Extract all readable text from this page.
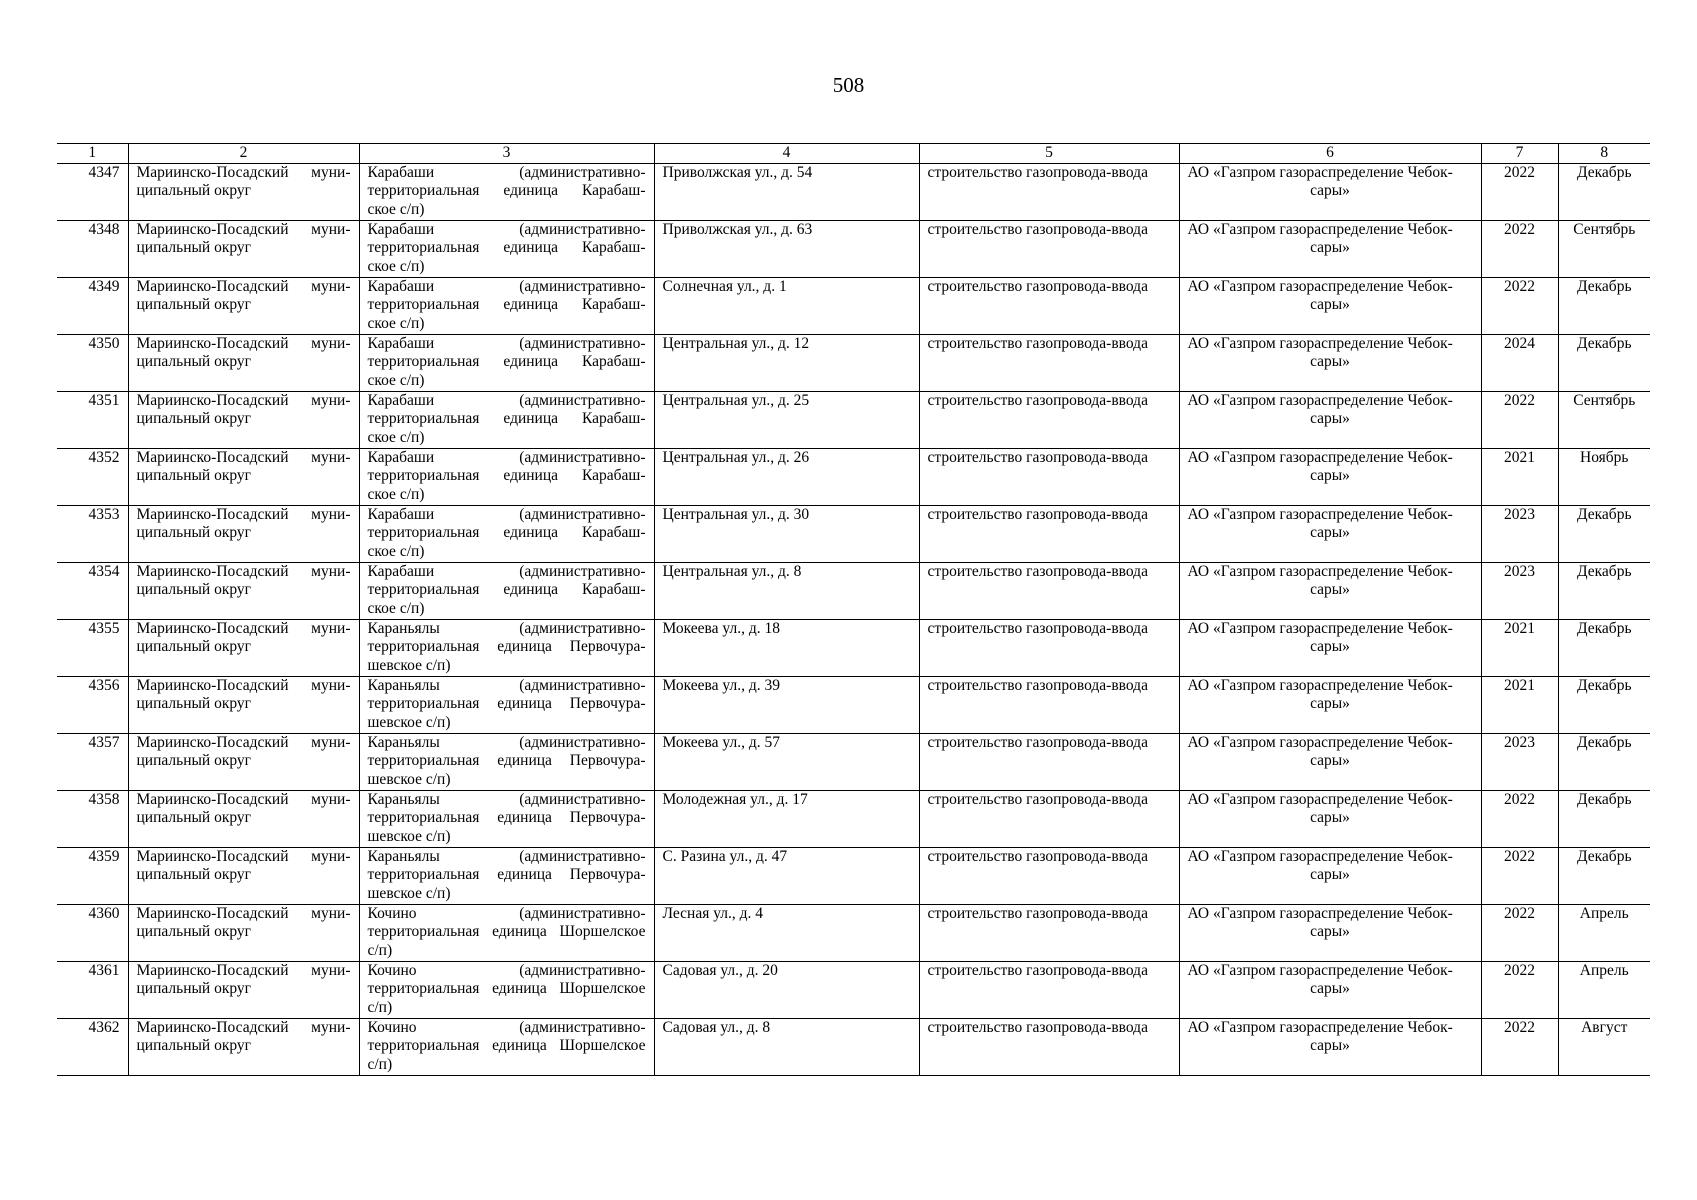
508
1	2	3	4	5	6	7	8
4347	Мариинско-Посадский муни-
ципальный округ	Карабаши (административно-
территориальная единица Карабаш-
ское с/п)	Приволжская ул., д. 54	строительство газопровода-ввода	АО «Газпром газораспределение Чебок-
сары»	2022	Декабрь
4348	Мариинско-Посадский муни-
ципальный округ	Карабаши (административно-
территориальная единица Карабаш-
ское с/п)	Приволжская ул., д. 63	строительство газопровода-ввода	АО «Газпром газораспределение Чебок-
сары»	2022	Сентябрь
4349	Мариинско-Посадский муни-
ципальный округ	Карабаши (административно-
территориальная единица Карабаш-
ское с/п)	Солнечная ул., д. 1	строительство газопровода-ввода	АО «Газпром газораспределение Чебок-
сары»	2022	Декабрь
4350	Мариинско-Посадский муни-
ципальный округ	Карабаши (административно-
территориальная единица Карабаш-
ское с/п)	Центральная ул., д. 12	строительство газопровода-ввода	АО «Газпром газораспределение Чебок-
сары»	2024	Декабрь
4351	Мариинско-Посадский муни-
ципальный округ	Карабаши (административно-
территориальная единица Карабаш-
ское с/п)	Центральная ул., д. 25	строительство газопровода-ввода	АО «Газпром газораспределение Чебок-
сары»	2022	Сентябрь
4352	Мариинско-Посадский муни-
ципальный округ	Карабаши (административно-
территориальная единица Карабаш-
ское с/п)	Центральная ул., д. 26	строительство газопровода-ввода	АО «Газпром газораспределение Чебок-
сары»	2021	Ноябрь
4353	Мариинско-Посадский муни-
ципальный округ	Карабаши (административно-
территориальная единица Карабаш-
ское с/п)	Центральная ул., д. 30	строительство газопровода-ввода	АО «Газпром газораспределение Чебок-
сары»	2023	Декабрь
4354	Мариинско-Посадский муни-
ципальный округ	Карабаши (административно-
территориальная единица Карабаш-
ское с/п)	Центральная ул., д. 8	строительство газопровода-ввода	АО «Газпром газораспределение Чебок-
сары»	2023	Декабрь
4355	Мариинско-Посадский муни-
ципальный округ	Караньялы (административно-
территориальная единица Первочура-
шевское с/п)	Мокеева ул., д. 18	строительство газопровода-ввода	АО «Газпром газораспределение Чебок-
сары»	2021	Декабрь
4356	Мариинско-Посадский муни-
ципальный округ	Караньялы (административно-
территориальная единица Первочура-
шевское с/п)	Мокеева ул., д. 39	строительство газопровода-ввода	АО «Газпром газораспределение Чебок-
сары»	2021	Декабрь
4357	Мариинско-Посадский муни-
ципальный округ	Караньялы (административно-
территориальная единица Первочура-
шевское с/п)	Мокеева ул., д. 57	строительство газопровода-ввода	АО «Газпром газораспределение Чебок-
сары»	2023	Декабрь
4358	Мариинско-Посадский муни-
ципальный округ	Караньялы (административно-
территориальная единица Первочура-
шевское с/п)	Молодежная ул., д. 17	строительство газопровода-ввода	АО «Газпром газораспределение Чебок-
сары»	2022	Декабрь
4359	Мариинско-Посадский муни-
ципальный округ	Караньялы (административно-
территориальная единица Первочура-
шевское с/п)	С. Разина ул., д. 47	строительство газопровода-ввода	АО «Газпром газораспределение Чебок-
сары»	2022	Декабрь
4360	Мариинско-Посадский муни-
ципальный округ	Кочино (административно-
территориальная единица Шоршелское
с/п)	Лесная ул., д. 4	строительство газопровода-ввода	АО «Газпром газораспределение Чебок-
сары»	2022	Апрель
4361	Мариинско-Посадский муни-
ципальный округ	Кочино (административно-
территориальная единица Шоршелское
с/п)	Садовая ул., д. 20	строительство газопровода-ввода	АО «Газпром газораспределение Чебок-
сары»	2022	Апрель
4362	Мариинско-Посадский муни-
ципальный округ	Кочино (административно-
территориальная единица Шоршелское
с/п)	Садовая ул., д. 8	строительство газопровода-ввода	АО «Газпром газораспределение Чебок-
сары»	2022	Август
